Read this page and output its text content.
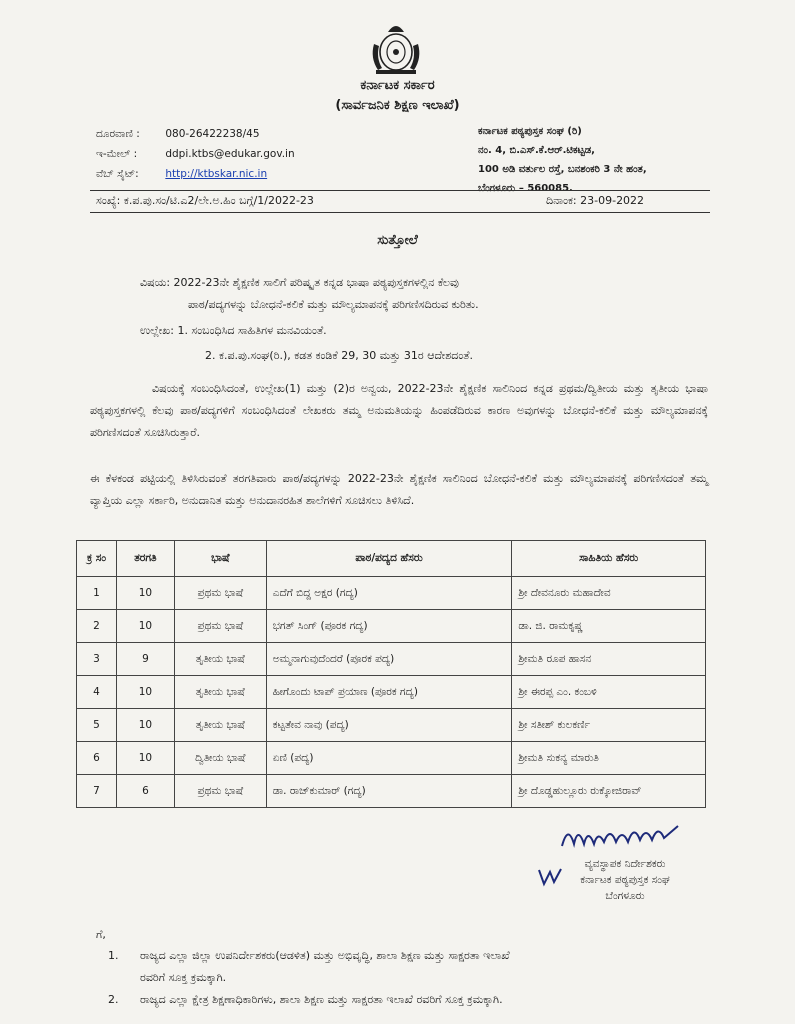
ಕರ್ನಾಟಕ ಸರ್ಕಾರ
(ಸಾರ್ವಜನಿಕ ಶಿಕ್ಷಣ ಇಲಾಖೆ)
ದೂರವಾಣಿ : 080-26422238/45
ಇ-ಮೇಲ್ :	ddpi.ktbs@edukar.gov.in
ವೆಬ್ ಸೈಟ್:	http://ktbskar.nic.in
ಕರ್ನಾಟಕ ಪಠ್ಯಪುಸ್ತಕ ಸಂಘ (ರಿ)
ನಂ. 4, ಬಿ.ಎಸ್.ಕೆ.ಆರ್.ಟಿಕಟ್ಟಡ,
100 ಅಡಿ ವರ್ತುಲ ರಸ್ತೆ, ಬನಶಂಕರಿ 3 ನೇ ಹಂತ,
ಬೆಂಗಳೂರು – 560085.
ಸಂಖ್ಯೆ: ಕ.ಪ.ಪು.ಸಂ/ಟಿ.ಎ2/ಲೇ.ಅ.ಹಿಂ ಬಗ್ಗೆ/1/2022-23	ದಿನಾಂಕ: 23-09-2022
ಸುತ್ತೋಲೆ
ವಿಷಯ: 2022-23ನೇ ಶೈಕ್ಷಣಿಕ ಸಾಲಿಗೆ ಪರಿಷ್ಕೃತ ಕನ್ನಡ ಭಾಷಾ ಪಠ್ಯಪುಸ್ತಕಗಳಲ್ಲಿನ ಕೆಲವು
ಪಾಠ/ಪದ್ಯಗಳನ್ನು ಬೋಧನೆ-ಕಲಿಕೆ ಮತ್ತು ಮೌಲ್ಯಮಾಪನಕ್ಕೆ ಪರಿಗಣಿಸದಿರುವ ಕುರಿತು.
ಉಲ್ಲೇಖ: 1. ಸಂಬಂಧಿಸಿದ ಸಾಹಿತಿಗಳ ಮನವಿಯಂತೆ.
2. ಕ.ಪ.ಪು.ಸಂಘ(ರಿ.), ಕಡತ ಕಂಡಿಕೆ 29, 30 ಮತ್ತು 31ರ ಆದೇಶದಂತೆ.

ವಿಷಯಕ್ಕೆ ಸಂಬಂಧಿಸಿದಂತೆ, ಉಲ್ಲೇಖ(1) ಮತ್ತು (2)ರ ಅನ್ವಯ, 2022-23ನೇ ಶೈಕ್ಷಣಿಕ ಸಾಲಿನಿಂದ ಕನ್ನಡ ಪ್ರಥಮ/ದ್ವಿತೀಯ ಮತ್ತು ತೃತೀಯ ಭಾಷಾ ಪಠ್ಯಪುಸ್ತಕಗಳಲ್ಲಿ ಕೆಲವು ಪಾಠ/ಪದ್ಯಗಳಿಗೆ ಸಂಬಂಧಿಸಿದಂತೆ ಲೇಖಕರು ತಮ್ಮ ಅನುಮತಿಯನ್ನು ಹಿಂಪಡೆದಿರುವ ಕಾರಣ ಅವುಗಳನ್ನು ಬೋಧನೆ-ಕಲಿಕೆ ಮತ್ತು ಮೌಲ್ಯಮಾಪನಕ್ಕೆ ಪರಿಗಣಿಸದಂತೆ ಸೂಚಿಸಿರುತ್ತಾರೆ.

ಈ ಕೆಳಕಂಡ ಪಟ್ಟಿಯಲ್ಲಿ ತಿಳಿಸಿರುವಂತೆ ತರಗತಿವಾರು ಪಾಠ/ಪದ್ಯಗಳನ್ನು 2022-23ನೇ ಶೈಕ್ಷಣಿಕ ಸಾಲಿನಿಂದ ಬೋಧನೆ-ಕಲಿಕೆ ಮತ್ತು ಮೌಲ್ಯಮಾಪನಕ್ಕೆ ಪರಿಗಣಿಸದಂತೆ ತಮ್ಮ ವ್ಯಾಪ್ತಿಯ ಎಲ್ಲಾ ಸರ್ಕಾರಿ, ಅನುದಾನಿತ ಮತ್ತು ಅನುದಾನರಹಿತ ಶಾಲೆಗಳಿಗೆ ಸೂಚಿಸಲು ತಿಳಿಸಿದೆ.

ಕ್ರ ಸಂ	ತರಗತಿ	ಭಾಷೆ	ಪಾಠ/ಪದ್ಯದ ಹೆಸರು	ಸಾಹಿತಿಯ ಹೆಸರು
1	10	ಪ್ರಥಮ ಭಾಷೆ	ಎದೆಗೆ ಬಿದ್ದ ಅಕ್ಷರ (ಗದ್ಯ)	ಶ್ರೀ ದೇವನೂರು ಮಹಾದೇವ
2	10	ಪ್ರಥಮ ಭಾಷೆ	ಭಗತ್ ಸಿಂಗ್ (ಪೂರಕ ಗದ್ಯ)	ಡಾ. ಜಿ. ರಾಮಕೃಷ್ಣ
3	9	ತೃತೀಯ ಭಾಷೆ	ಅಮ್ಮನಾಗುವುದೆಂದರೆ (ಪೂರಕ ಪದ್ಯ)	ಶ್ರೀಮತಿ ರೂಪ ಹಾಸನ
4	10	ತೃತೀಯ ಭಾಷೆ	ಹೀಗೊಂದು ಟಾಪ್ ಪ್ರಯಾಣ (ಪೂರಕ ಗದ್ಯ)	ಶ್ರೀ ಈರಪ್ಪ ಎಂ. ಕಂಬಳಿ
5	10	ತೃತೀಯ ಭಾಷೆ	ಕಟ್ಟತೇವ ನಾವು (ಪದ್ಯ)	ಶ್ರೀ ಸತೀಶ್ ಕುಲಕರ್ಣಿ
6	10	ದ್ವಿತೀಯ ಭಾಷೆ	ಏಣಿ (ಪದ್ಯ)	ಶ್ರೀಮತಿ ಸುಕನ್ಯ ಮಾರುತಿ
7	6	ಪ್ರಥಮ ಭಾಷೆ	ಡಾ. ರಾಜ್‌ಕುಮಾರ್ (ಗದ್ಯ)	ಶ್ರೀ ದೊಡ್ಡಹುಲ್ಲೂರು ರುಕ್ಕೋಜಿರಾವ್
ವ್ಯವಸ್ಥಾಪಕ ನಿರ್ದೇಶಕರು
ಕರ್ನಾಟಕ ಪಠ್ಯಪುಸ್ತಕ ಸಂಘ
ಬೆಂಗಳೂರು
ಗೆ,
1. ರಾಜ್ಯದ ಎಲ್ಲಾ ಜಿಲ್ಲಾ ಉಪನಿರ್ದೇಶಕರು(ಆಡಳಿತ) ಮತ್ತು ಅಭಿವೃದ್ಧಿ, ಶಾಲಾ ಶಿಕ್ಷಣ ಮತ್ತು ಸಾಕ್ಷರತಾ ಇಲಾಖೆ
ರವರಿಗೆ ಸೂಕ್ತ ಕ್ರಮಕ್ಕಾಗಿ.
2. ರಾಜ್ಯದ ಎಲ್ಲಾ ಕ್ಷೇತ್ರ ಶಿಕ್ಷಣಾಧಿಕಾರಿಗಳು, ಶಾಲಾ ಶಿಕ್ಷಣ ಮತ್ತು ಸಾಕ್ಷರತಾ ಇಲಾಖೆ ರವರಿಗೆ ಸೂಕ್ತ ಕ್ರಮಕ್ಕಾಗಿ.
